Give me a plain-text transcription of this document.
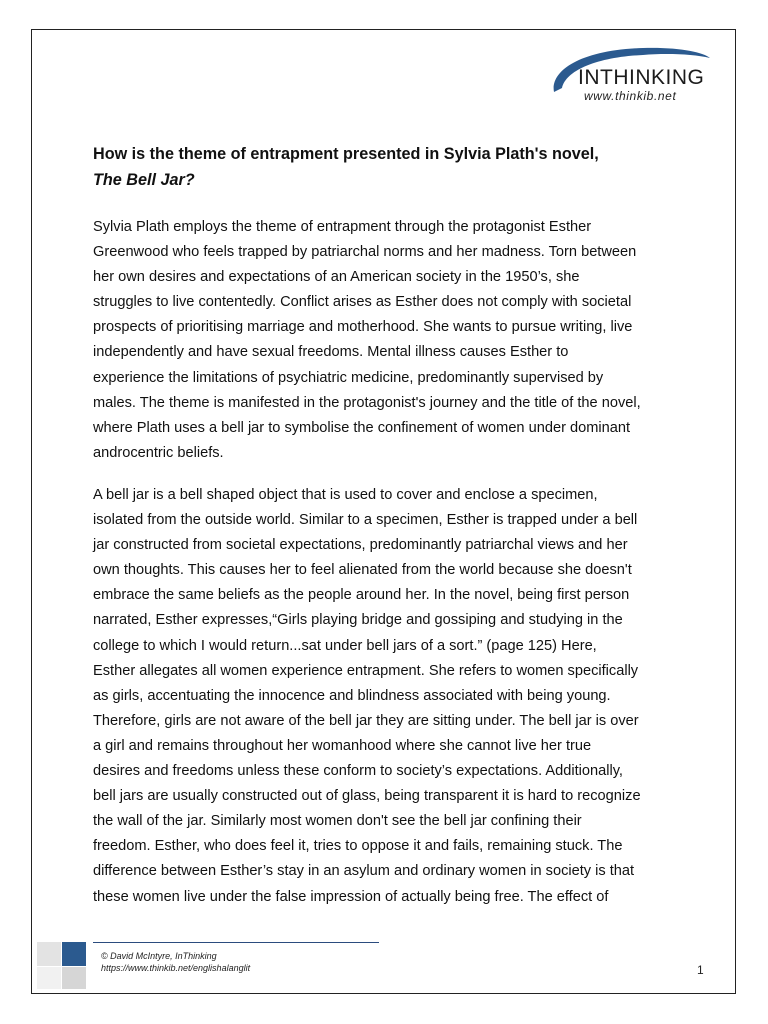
INTHINKING
www.thinkib.net
How is the theme of entrapment presented in Sylvia Plath's novel,
The Bell Jar?
Sylvia Plath employs the theme of entrapment through the protagonist Esther
Greenwood who feels trapped by patriarchal norms and her madness. Torn between
her own desires and expectations of an American society in the 1950’s, she
struggles to live contentedly. Conflict arises as Esther does not comply with societal
prospects of prioritising marriage and motherhood. She wants to pursue writing, live
independently and have sexual freedoms. Mental illness causes Esther to
experience the limitations of psychiatric medicine, predominantly supervised by
males. The theme is manifested in the protagonist's journey and the title of the novel,
where Plath uses a bell jar to symbolise the confinement of women under dominant
androcentric beliefs.
A bell jar is a bell shaped object that is used to cover and enclose a specimen,
isolated from the outside world. Similar to a specimen, Esther is trapped under a bell
jar constructed from societal expectations, predominantly patriarchal views and her
own thoughts. This causes her to feel alienated from the world because she doesn't
embrace the same beliefs as the people around her. In the novel, being first person
narrated, Esther expresses,“Girls playing bridge and gossiping and studying in the
college to which I would return...sat under bell jars of a sort.” (page 125) Here,
Esther allegates all women experience entrapment. She refers to women specifically
as girls, accentuating the innocence and blindness associated with being young.
Therefore, girls are not aware of the bell jar they are sitting under. The bell jar is over
a girl and remains throughout her womanhood where she cannot live her true
desires and freedoms unless these conform to society’s expectations. Additionally,
bell jars are usually constructed out of glass, being transparent it is hard to recognize
the wall of the jar. Similarly most women don't see the bell jar confining their
freedom. Esther, who does feel it, tries to oppose it and fails, remaining stuck. The
difference between Esther’s stay in an asylum and ordinary women in society is that
these women live under the false impression of actually being free. The effect of
© David McIntyre, InThinking
https://www.thinkib.net/englishalanglit	1
